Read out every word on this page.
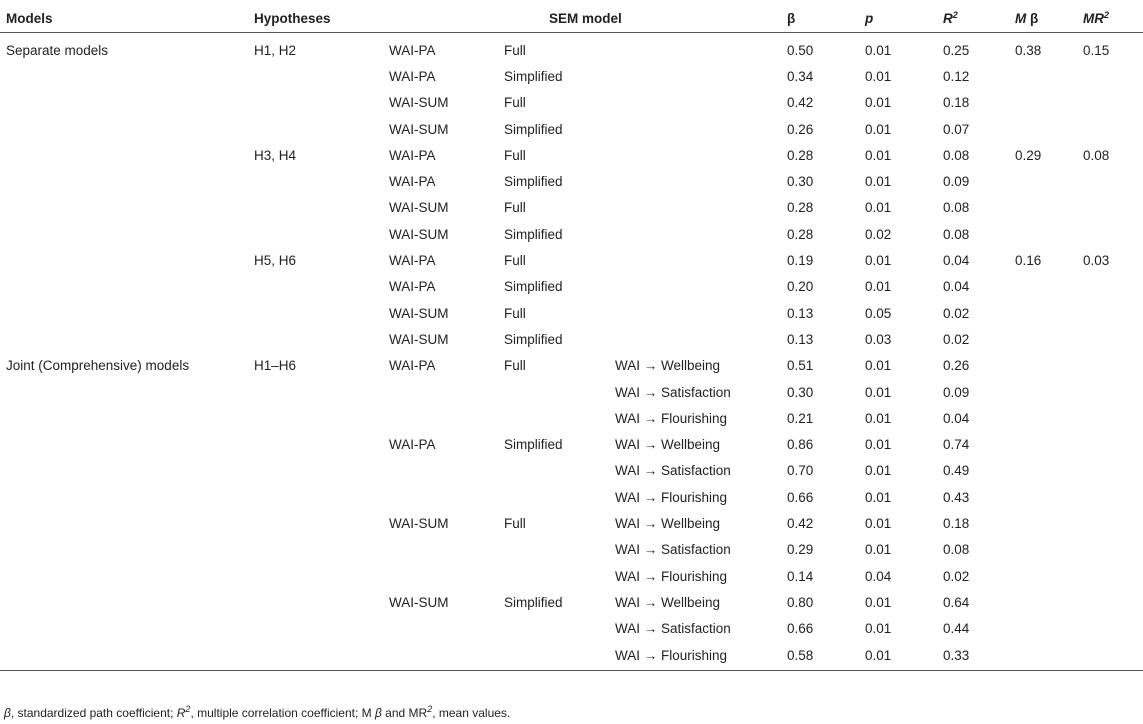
Models	Hypotheses	SEM model			β	p	$R^2$	M β	$MR^2$
Separate models	H1, H2	WAI-PA	Full		0.50	0.01	0.25	0.38	0.15
		WAI-PA	Simplified		0.34	0.01	0.12		
		WAI-SUM	Full		0.42	0.01	0.18		
		WAI-SUM	Simplified		0.26	0.01	0.07		
	H3, H4	WAI-PA	Full		0.28	0.01	0.08	0.29	0.08
		WAI-PA	Simplified		0.30	0.01	0.09		
		WAI-SUM	Full		0.28	0.01	0.08		
		WAI-SUM	Simplified		0.28	0.02	0.08		
	H5, H6	WAI-PA	Full		0.19	0.01	0.04	0.16	0.03
		WAI-PA	Simplified		0.20	0.01	0.04		
		WAI-SUM	Full		0.13	0.05	0.02		
		WAI-SUM	Simplified		0.13	0.03	0.02		
Joint (Comprehensive) models	H1–H6	WAI-PA	Full	WAI → Wellbeing	0.51	0.01	0.26		
				WAI → Satisfaction	0.30	0.01	0.09		
				WAI → Flourishing	0.21	0.01	0.04		
		WAI-PA	Simplified	WAI → Wellbeing	0.86	0.01	0.74		
				WAI → Satisfaction	0.70	0.01	0.49		
				WAI → Flourishing	0.66	0.01	0.43		
		WAI-SUM	Full	WAI → Wellbeing	0.42	0.01	0.18		
				WAI → Satisfaction	0.29	0.01	0.08		
				WAI → Flourishing	0.14	0.04	0.02		
		WAI-SUM	Simplified	WAI → Wellbeing	0.80	0.01	0.64		
				WAI → Satisfaction	0.66	0.01	0.44		
				WAI → Flourishing	0.58	0.01	0.33		
β, standardized path coefficient; $R^2$, multiple correlation coefficient; M β and $MR^2$, mean values.
